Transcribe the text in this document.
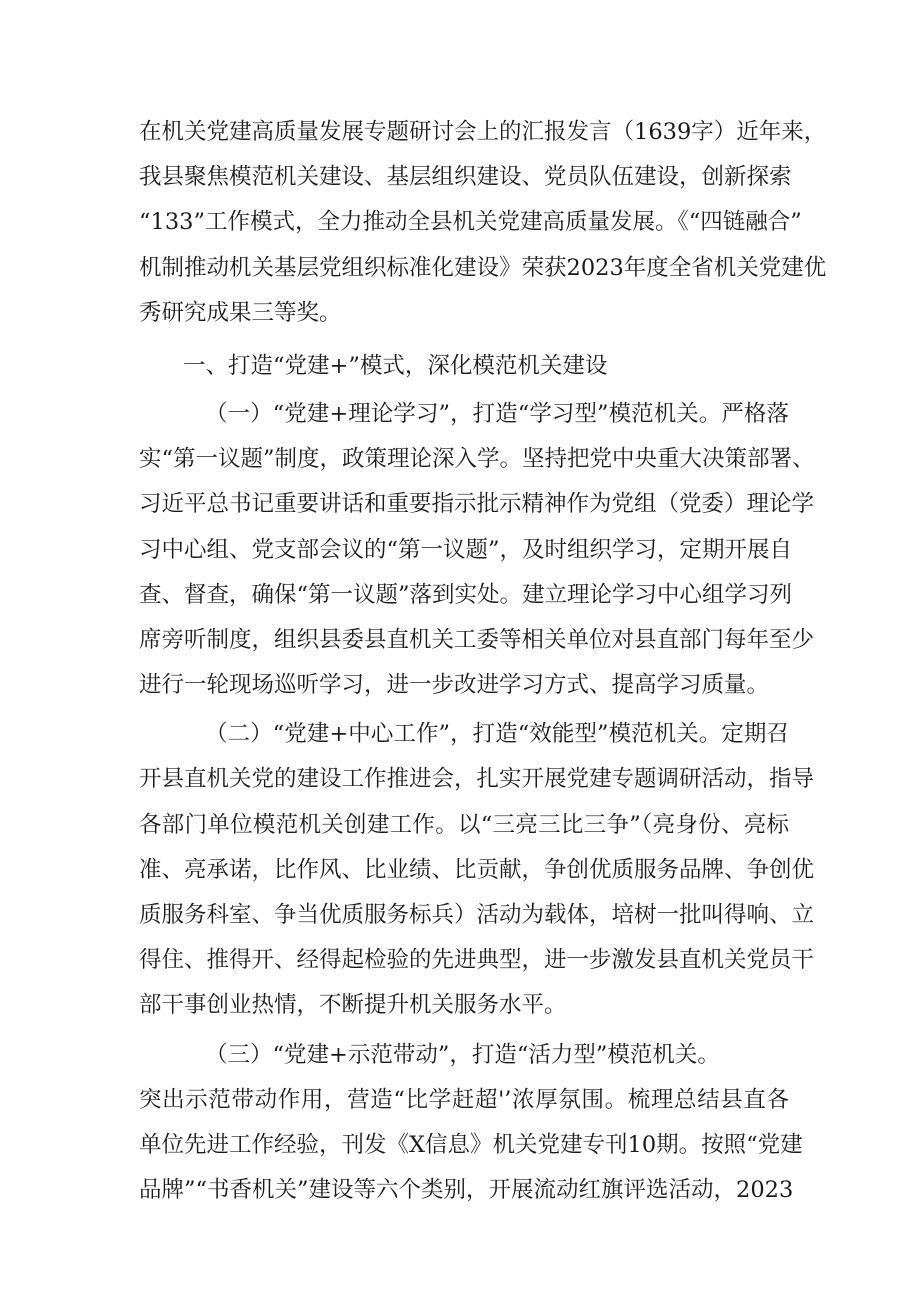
在机关党建高质量发展专题研讨会上的汇报发言（1639字）近年来，
我县聚焦模范机关建设、基层组织建设、党员队伍建设，创新探索
“133”工作模式，全力推动全县机关党建高质量发展。《“四链融合”
机制推动机关基层党组织标准化建设》荣获2023年度全省机关党建优
秀研究成果三等奖。
一、打造“党建+”模式，深化模范机关建设
（一）“党建+理论学习”，打造“学习型”模范机关。严格落
实“第一议题”制度，政策理论深入学。坚持把党中央重大决策部署、
习近平总书记重要讲话和重要指示批示精神作为党组（党委）理论学
习中心组、党支部会议的“第一议题”，及时组织学习，定期开展自
查、督查，确保“第一议题”落到实处。建立理论学习中心组学习列
席旁听制度，组织县委县直机关工委等相关单位对县直部门每年至少
进行一轮现场巡听学习，进一步改进学习方式、提高学习质量。
（二）“党建+中心工作”，打造“效能型”模范机关。定期召
开县直机关党的建设工作推进会，扎实开展党建专题调研活动，指导
各部门单位模范机关创建工作。以“三亮三比三争”（亮身份、亮标
准、亮承诺，比作风、比业绩、比贡献，争创优质服务品牌、争创优
质服务科室、争当优质服务标兵）活动为载体，培树一批叫得响、立
得住、推得开、经得起检验的先进典型，进一步激发县直机关党员干
部干事创业热情，不断提升机关服务水平。
（三）“党建+示范带动”，打造“活力型”模范机关。
突出示范带动作用，营造“比学赶超'’浓厚氛围。梳理总结县直各
单位先进工作经验，刊发《X信息》机关党建专刊10期。按照“党建
品牌”“书香机关”建设等六个类别，开展流动红旗评选活动，2023
